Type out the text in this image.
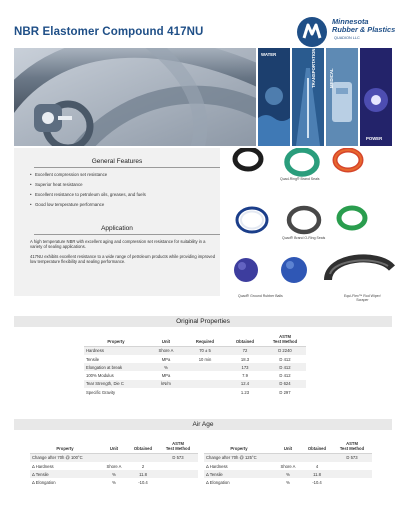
NBR Elastomer Compound 417NU
Minnesota
Rubber & Plastics
QUADION LLC
WATER	TRANSPORTATION	MEDICAL
POWER
General Features
• Excellent compression set resistance
• Superior heat resistance
• Excellent resistance to petroleum oils, greases, and fuels
• Good low temperature performance
Application
A high temperature NBR with excellent aging and compression set resistance for suitability in a variety of sealing applications.
417NU exhibits excellent resistance to a wide range of petroleum products while providing improved low temperature flexibility and sealing performance.
Quad-Ring® Brand Seals
Quad® Brand O-Ring Seals
Quad® Ground Rubber Balls	Equi-Flex™ Rod Wiper/
Scraper
Original Properties
Property	Unit	Required	Obtained	ASTM
Test Method
Hardness	Shore A	70 ± 5	72	D 2240
Tensile	MPa	10 min	18.3	D 412
Elongation at break	%		173	D 412
100% Modulus	MPa		7.9	D 412
Tear Strength, Die C	kN/m		12.4	D 624
Specific Gravity			1.23	D 297
Air Age
Property	Unit	Obtained	ASTM
Test Method
Change after 70h @ 100°C			D 573
Δ Hardness	Shore A	2	
Δ Tensile	%	11.8	
Δ Elongation	%	-10.4	
Property	Unit	Obtained	ASTM
Test Method
Change after 70h @ 125°C			D 573
Δ Hardness	Shore A	4	
Δ Tensile	%	11.8	
Δ Elongation	%	-10.4	
